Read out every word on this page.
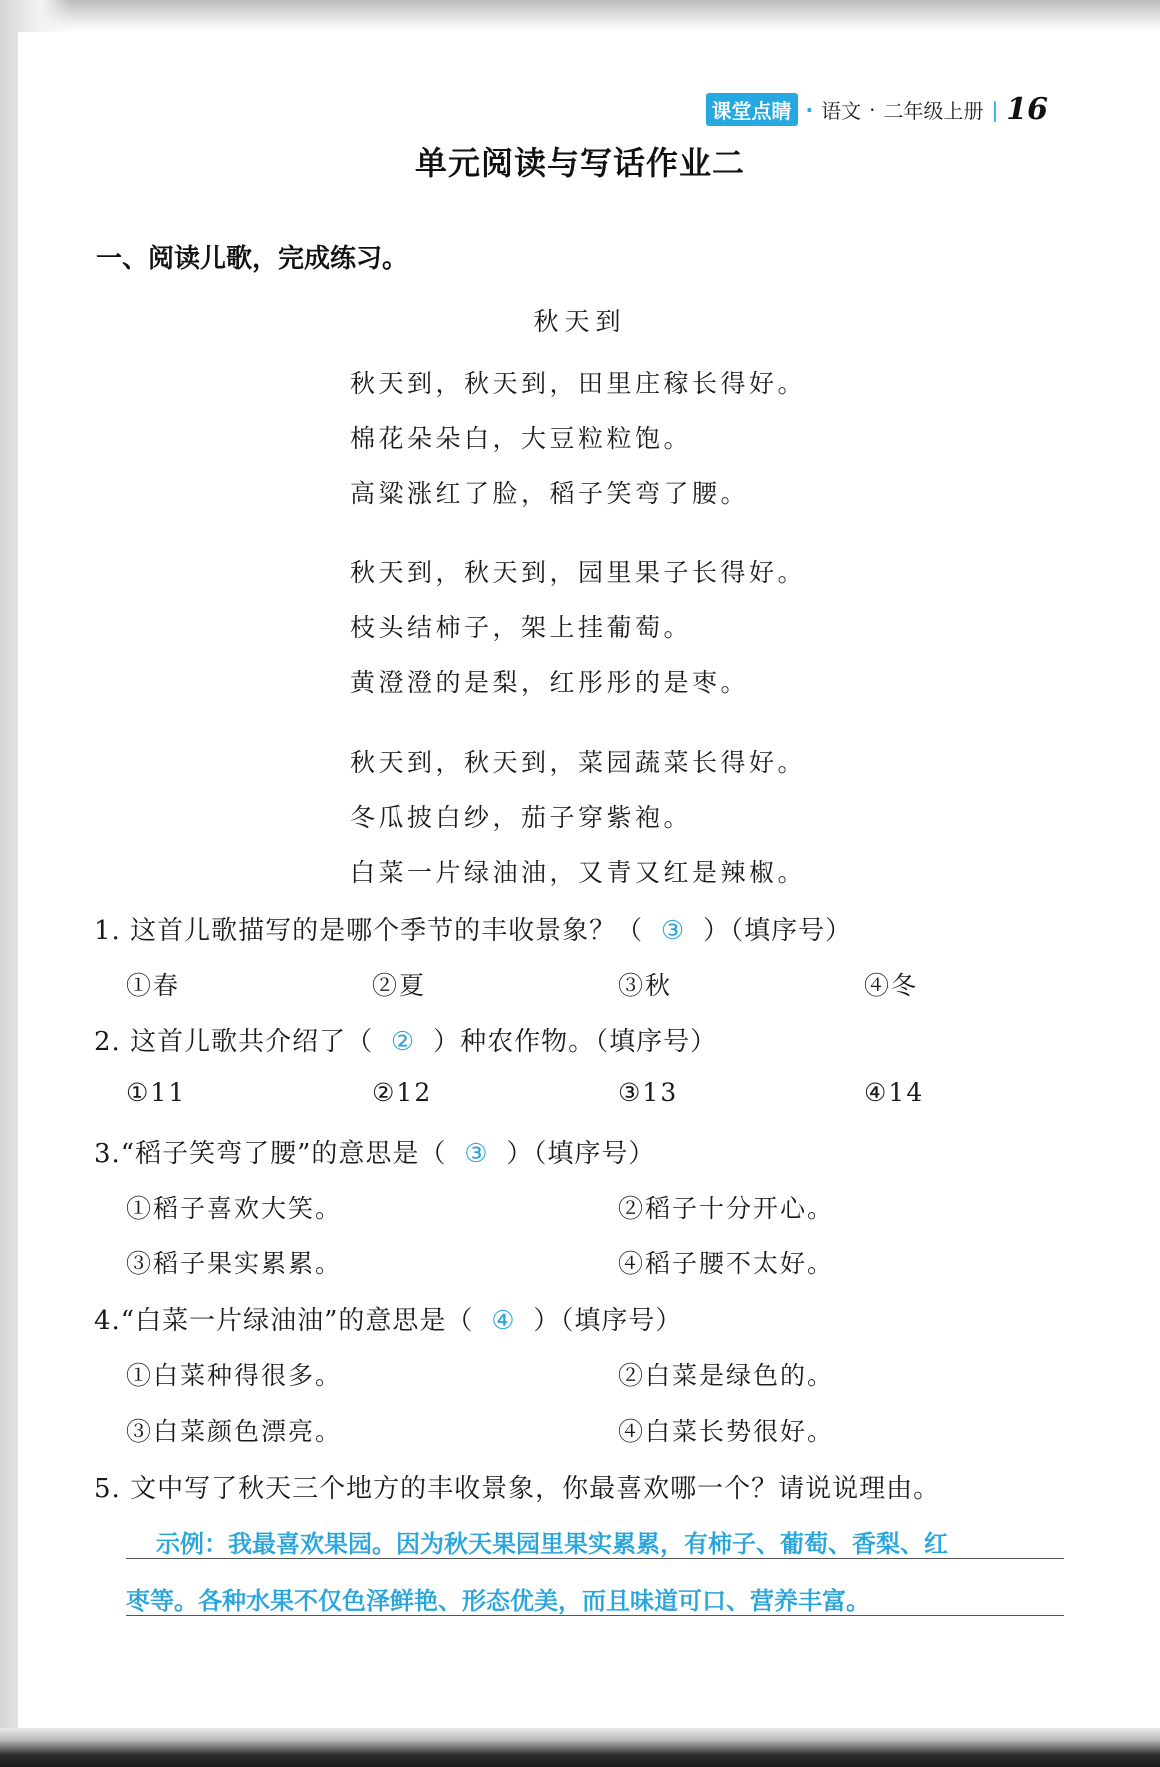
课堂点睛 · 语文 · 二年级上册 | 16
单元阅读与写话作业二
一、阅读儿歌，完成练习。
秋天到
秋天到，秋天到，田里庄稼长得好。
棉花朵朵白，大豆粒粒饱。
高粱涨红了脸，稻子笑弯了腰。
秋天到，秋天到，园里果子长得好。
枝头结柿子，架上挂葡萄。
黄澄澄的是梨，红彤彤的是枣。
秋天到，秋天到，菜园蔬菜长得好。
冬瓜披白纱，茄子穿紫袍。
白菜一片绿油油，又青又红是辣椒。
1. 这首儿歌描写的是哪个季节的丰收景象？（ ③ ）（填序号）
①春	②夏	③秋	④冬
2. 这首儿歌共介绍了（ ② ）种农作物。（填序号）
①11	②12	③13	④14
3.“稻子笑弯了腰”的意思是（ ③ ）（填序号）
①稻子喜欢大笑。	②稻子十分开心。
③稻子果实累累。	④稻子腰不太好。
4.“白菜一片绿油油”的意思是（ ④ ）（填序号）
①白菜种得很多。	②白菜是绿色的。
③白菜颜色漂亮。	④白菜长势很好。
5. 文中写了秋天三个地方的丰收景象，你最喜欢哪一个？请说说理由。
示例：我最喜欢果园。因为秋天果园里果实累累，有柿子、葡萄、香梨、红
枣等。各种水果不仅色泽鲜艳、形态优美，而且味道可口、营养丰富。
